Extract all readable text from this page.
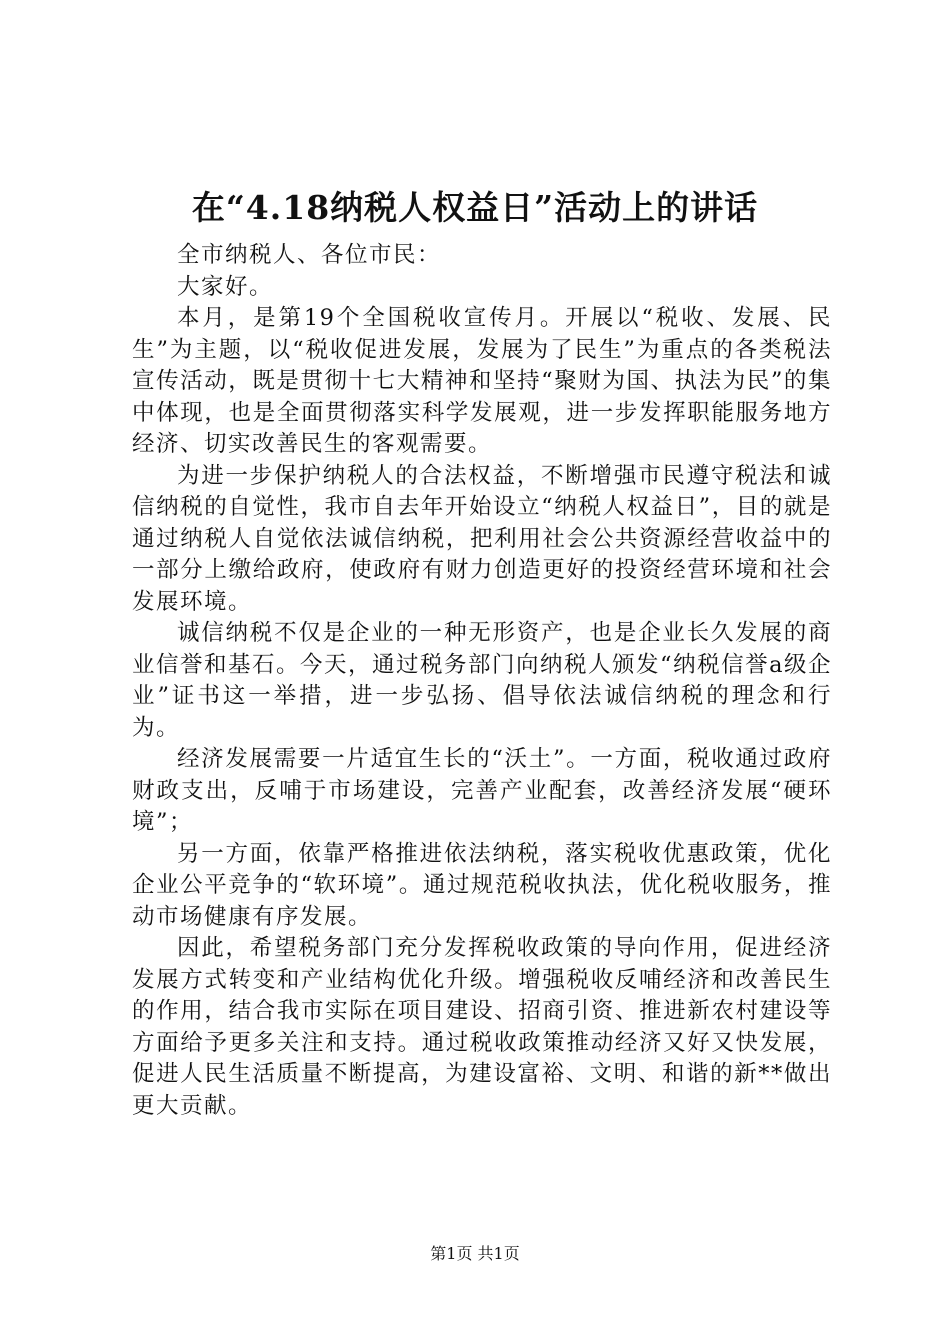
在“4.18纳税人权益日”活动上的讲话

全市纳税人、各位市民：

大家好。

本月，是第19个全国税收宣传月。开展以“税收、发展、民生”为主题，以“税收促进发展，发展为了民生”为重点的各类税法宣传活动，既是贯彻十七大精神和坚持“聚财为国、执法为民”的集中体现，也是全面贯彻落实科学发展观，进一步发挥职能服务地方经济、切实改善民生的客观需要。

为进一步保护纳税人的合法权益，不断增强市民遵守税法和诚信纳税的自觉性，我市自去年开始设立“纳税人权益日”，目的就是通过纳税人自觉依法诚信纳税，把利用社会公共资源经营收益中的一部分上缴给政府，使政府有财力创造更好的投资经营环境和社会发展环境。

诚信纳税不仅是企业的一种无形资产，也是企业长久发展的商业信誉和基石。今天，通过税务部门向纳税人颁发“纳税信誉a级企业”证书这一举措，进一步弘扬、倡导依法诚信纳税的理念和行为。

经济发展需要一片适宜生长的“沃土”。一方面，税收通过政府财政支出，反哺于市场建设，完善产业配套，改善经济发展“硬环境”；

另一方面，依靠严格推进依法纳税，落实税收优惠政策，优化企业公平竞争的“软环境”。通过规范税收执法，优化税收服务，推动市场健康有序发展。

因此，希望税务部门充分发挥税收政策的导向作用，促进经济发展方式转变和产业结构优化升级。增强税收反哺经济和改善民生的作用，结合我市实际在项目建设、招商引资、推进新农村建设等方面给予更多关注和支持。通过税收政策推动经济又好又快发展，促进人民生活质量不断提高，为建设富裕、文明、和谐的新**做出更大贡献。

第1页 共1页
